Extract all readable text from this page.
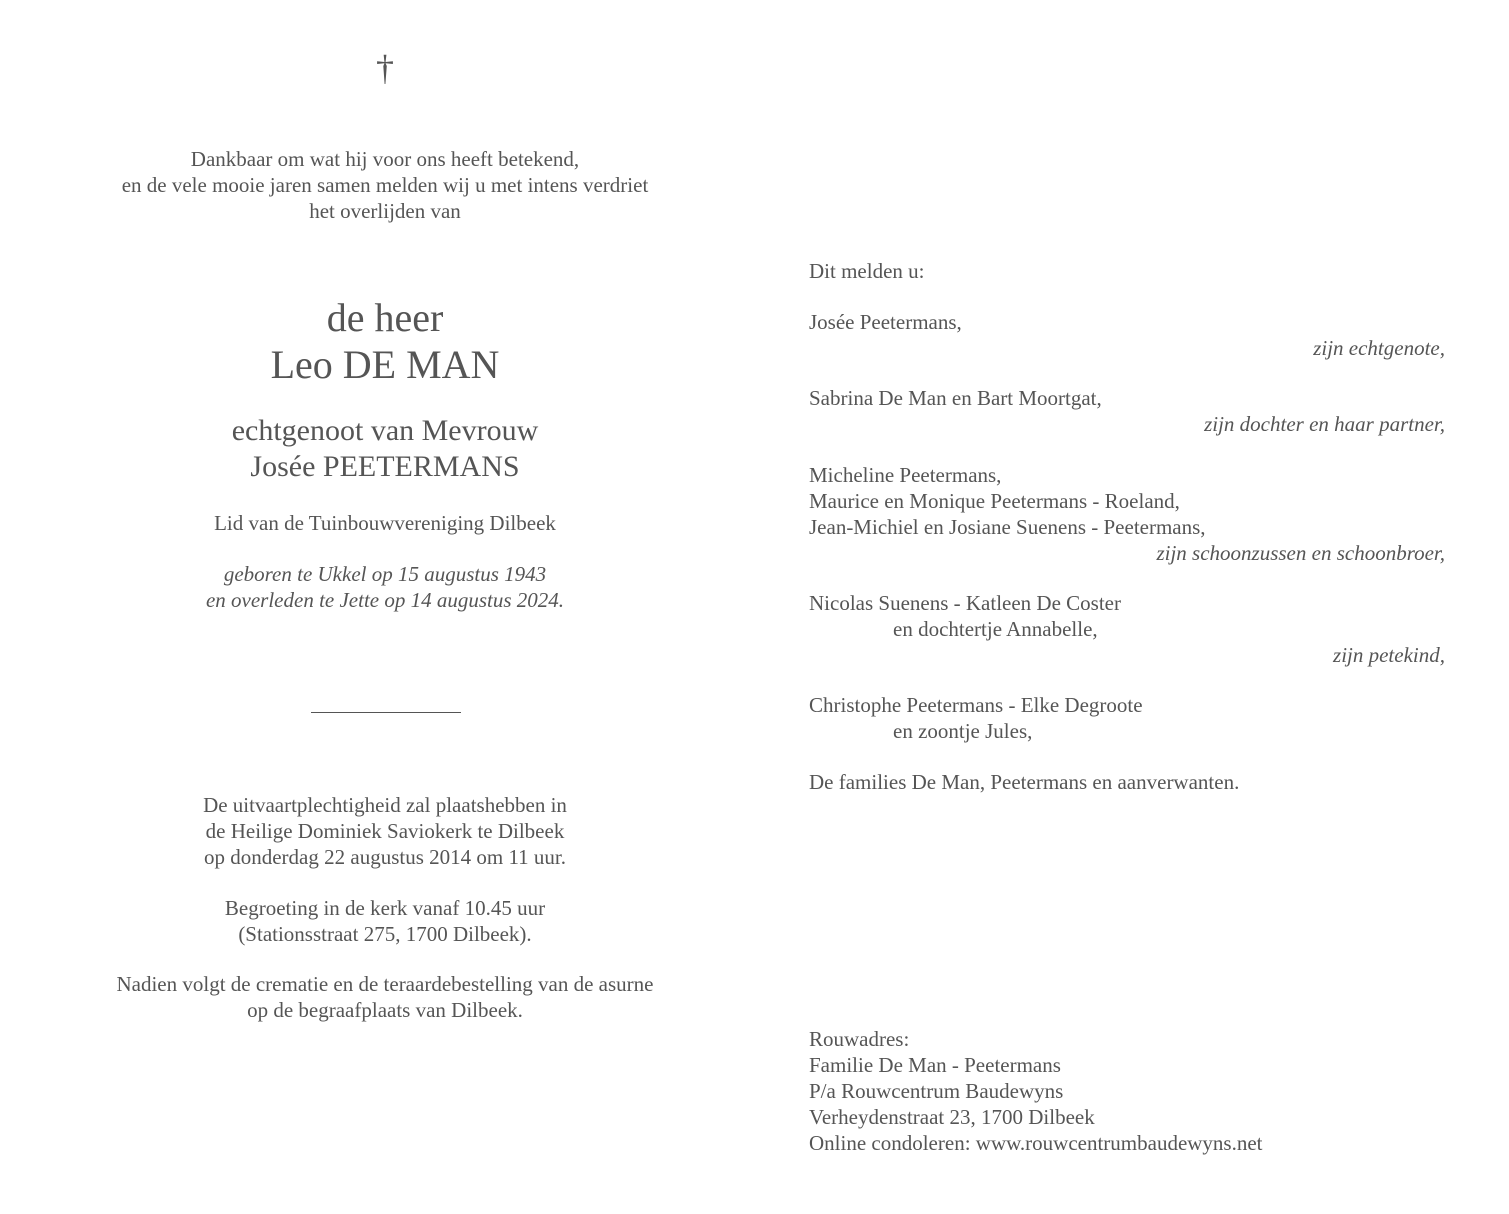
†
Dankbaar om wat hij voor ons heeft betekend,
en de vele mooie jaren samen melden wij u met intens verdriet
het overlijden van
de heer
Leo DE MAN
echtgenoot van Mevrouw
Josée PEETERMANS
Lid van de Tuinbouwvereniging Dilbeek
geboren te Ukkel op 15 augustus 1943
en overleden te Jette op 14 augustus 2024.
De uitvaartplechtigheid zal plaatshebben in
de Heilige Dominiek Saviokerk te Dilbeek
op donderdag 22 augustus 2014 om 11 uur.
Begroeting in de kerk vanaf 10.45 uur
(Stationsstraat 275, 1700 Dilbeek).
Nadien volgt de crematie en de teraardebestelling van de asurne
op de begraafplaats van Dilbeek.
Dit melden u:
Josée Peetermans,
zijn echtgenote,
Sabrina De Man en Bart Moortgat,
zijn dochter en haar partner,
Micheline Peetermans,
Maurice en Monique Peetermans - Roeland,
Jean-Michiel en Josiane Suenens - Peetermans,
zijn schoonzussen en schoonbroer,
Nicolas Suenens - Katleen De Coster
en dochtertje Annabelle,
zijn petekind,
Christophe Peetermans - Elke Degroote
en zoontje Jules,
De families De Man, Peetermans en aanverwanten.
Rouwadres:
Familie De Man - Peetermans
P/a Rouwcentrum Baudewyns
Verheydenstraat 23, 1700 Dilbeek
Online condoleren: www.rouwcentrumbaudewyns.net
